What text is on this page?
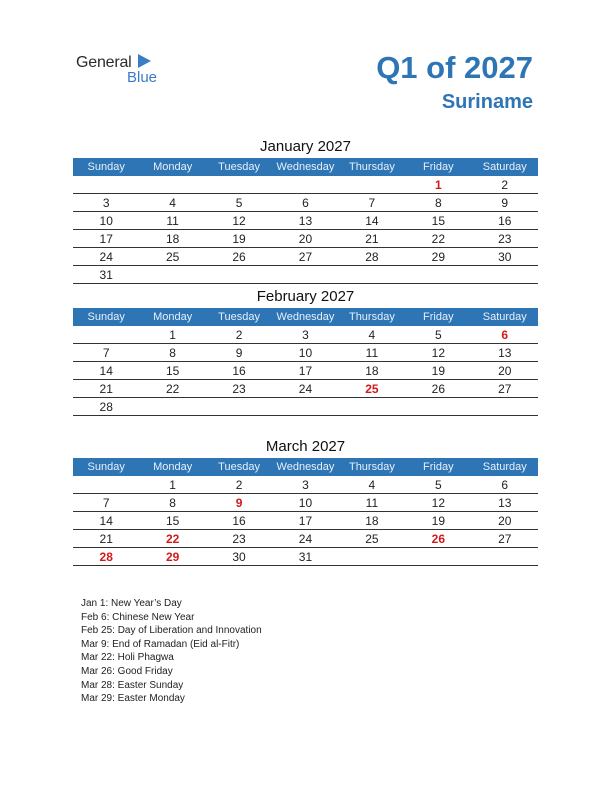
General
Blue	Q1 of 2027
Suriname
January 2027
Sunday	Monday	Tuesday	Wednesday	Thursday	Friday	Saturday
					1	2
3	4	5	6	7	8	9
10	11	12	13	14	15	16
17	18	19	20	21	22	23
24	25	26	27	28	29	30
31						
February 2027
Sunday	Monday	Tuesday	Wednesday	Thursday	Friday	Saturday
	1	2	3	4	5	6
7	8	9	10	11	12	13
14	15	16	17	18	19	20
21	22	23	24	25	26	27
28						
March 2027
Sunday	Monday	Tuesday	Wednesday	Thursday	Friday	Saturday
	1	2	3	4	5	6
7	8	9	10	11	12	13
14	15	16	17	18	19	20
21	22	23	24	25	26	27
28	29	30	31			
Jan 1: New Year’s Day
Feb 6: Chinese New Year
Feb 25: Day of Liberation and Innovation
Mar 9: End of Ramadan (Eid al-Fitr)
Mar 22: Holi Phagwa
Mar 26: Good Friday
Mar 28: Easter Sunday
Mar 29: Easter Monday
